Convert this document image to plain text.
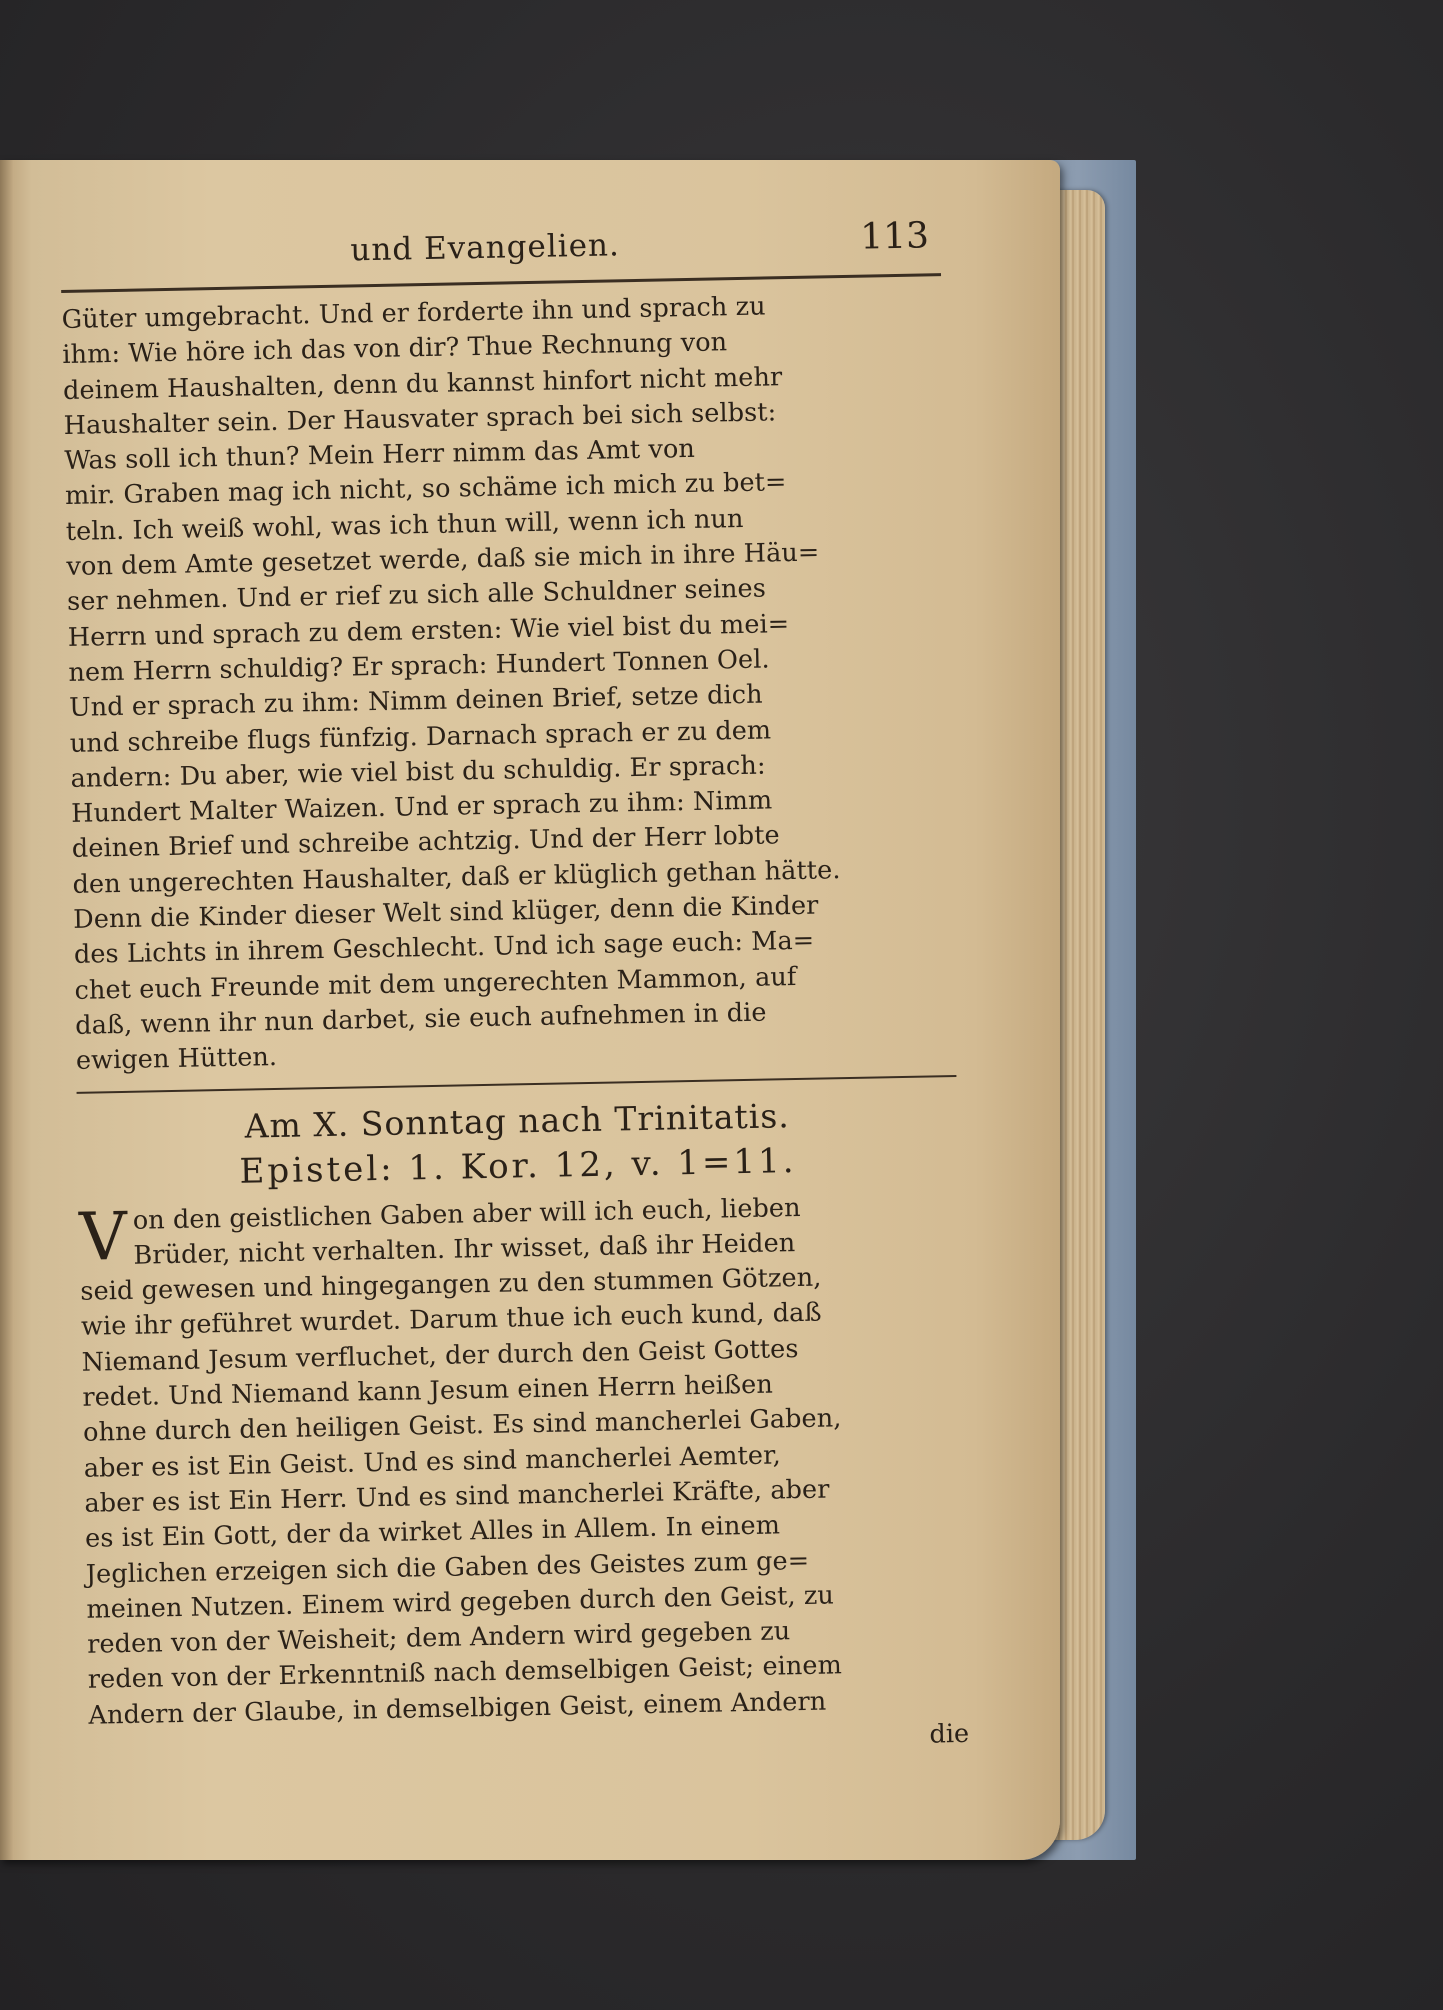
und Evangelien.	113
Güter umgebracht. Und er forderte ihn und sprach zu
ihm: Wie höre ich das von dir? Thue Rechnung von
deinem Haushalten, denn du kannst hinfort nicht mehr
Haushalter sein. Der Hausvater sprach bei sich selbst:
Was soll ich thun? Mein Herr nimm das Amt von
mir. Graben mag ich nicht, so schäme ich mich zu bet=
teln. Ich weiß wohl, was ich thun will, wenn ich nun
von dem Amte gesetzet werde, daß sie mich in ihre Häu=
ser nehmen. Und er rief zu sich alle Schuldner seines
Herrn und sprach zu dem ersten: Wie viel bist du mei=
nem Herrn schuldig? Er sprach: Hundert Tonnen Oel.
Und er sprach zu ihm: Nimm deinen Brief, setze dich
und schreibe flugs fünfzig. Darnach sprach er zu dem
andern: Du aber, wie viel bist du schuldig. Er sprach:
Hundert Malter Waizen. Und er sprach zu ihm: Nimm
deinen Brief und schreibe achtzig. Und der Herr lobte
den ungerechten Haushalter, daß er klüglich gethan hätte.
Denn die Kinder dieser Welt sind klüger, denn die Kinder
des Lichts in ihrem Geschlecht. Und ich sage euch: Ma=
chet euch Freunde mit dem ungerechten Mammon, auf
daß, wenn ihr nun darbet, sie euch aufnehmen in die
ewigen Hütten.
Am X. Sonntag nach Trinitatis.
Epistel: 1. Kor. 12, v. 1=11.
V on den geistlichen Gaben aber will ich euch, lieben
Brüder, nicht verhalten. Ihr wisset, daß ihr Heiden
seid gewesen und hingegangen zu den stummen Götzen,
wie ihr geführet wurdet. Darum thue ich euch kund, daß
Niemand Jesum verfluchet, der durch den Geist Gottes
redet. Und Niemand kann Jesum einen Herrn heißen
ohne durch den heiligen Geist. Es sind mancherlei Gaben,
aber es ist Ein Geist. Und es sind mancherlei Aemter,
aber es ist Ein Herr. Und es sind mancherlei Kräfte, aber
es ist Ein Gott, der da wirket Alles in Allem. In einem
Jeglichen erzeigen sich die Gaben des Geistes zum ge=
meinen Nutzen. Einem wird gegeben durch den Geist, zu
reden von der Weisheit; dem Andern wird gegeben zu
reden von der Erkenntniß nach demselbigen Geist; einem
Andern der Glaube, in demselbigen Geist, einem Andern
die
